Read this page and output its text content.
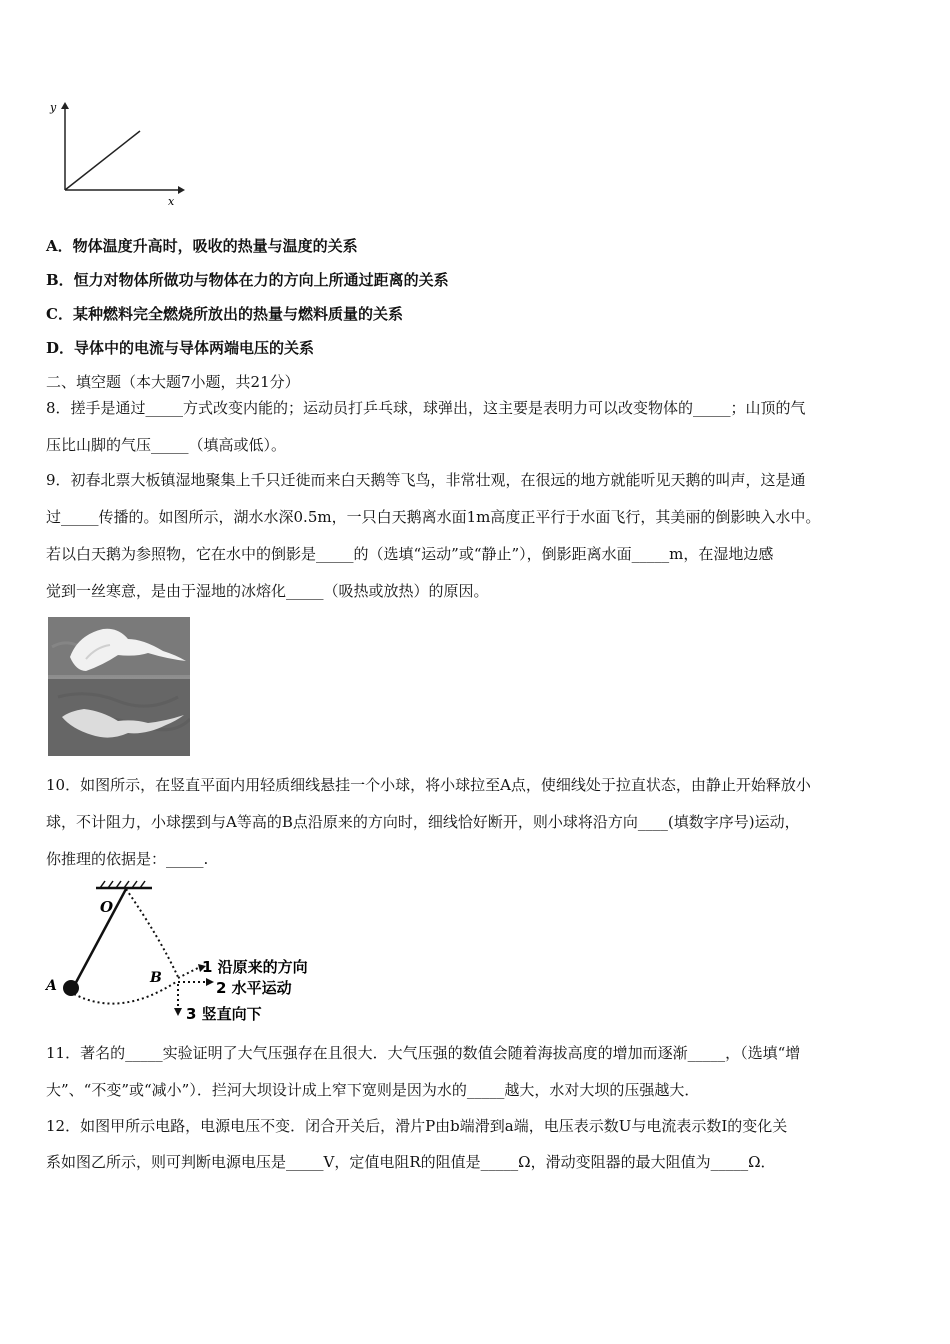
y
x
A．物体温度升高时，吸收的热量与温度的关系
B．恒力对物体所做功与物体在力的方向上所通过距离的关系
C．某种燃料完全燃烧所放出的热量与燃料质量的关系
D．导体中的电流与导体两端电压的关系
二、填空题（本大题7小题，共21分）
8．搓手是通过_____方式改变内能的；运动员打乒乓球，球弹出，这主要是表明力可以改变物体的_____；山顶的气
压比山脚的气压_____（填高或低）。
9．初春北票大板镇湿地聚集上千只迁徙而来白天鹅等飞鸟，非常壮观，在很远的地方就能听见天鹅的叫声，这是通
过_____传播的。如图所示，湖水水深0.5m，一只白天鹅离水面1m高度正平行于水面飞行，其美丽的倒影映入水中。
若以白天鹅为参照物，它在水中的倒影是_____的（选填“运动”或“静止”），倒影距离水面_____m，在湿地边感
觉到一丝寒意，是由于湿地的冰熔化_____（吸热或放热）的原因。
10．如图所示，在竖直平面内用轻质细线悬挂一个小球，将小球拉至A点，使细线处于拉直状态，由静止开始释放小
球，不计阻力，小球摆到与A等高的B点沿原来的方向时，细线恰好断开，则小球将沿方向____(填数字序号)运动，
你推理的依据是：_____.
O
A	B
1 沿原来的方向
2 水平运动
3 竖直向下
11．著名的_____实验证明了大气压强存在且很大．大气压强的数值会随着海拔高度的增加而逐渐_____，（选填“增
大”、“不变”或“减小”）．拦河大坝设计成上窄下宽则是因为水的_____越大，水对大坝的压强越大．
12．如图甲所示电路，电源电压不变．闭合开关后，滑片P由b端滑到a端，电压表示数U与电流表示数I的变化关
系如图乙所示，则可判断电源电压是_____V，定值电阻R的阻值是_____Ω，滑动变阻器的最大阻值为_____Ω．
